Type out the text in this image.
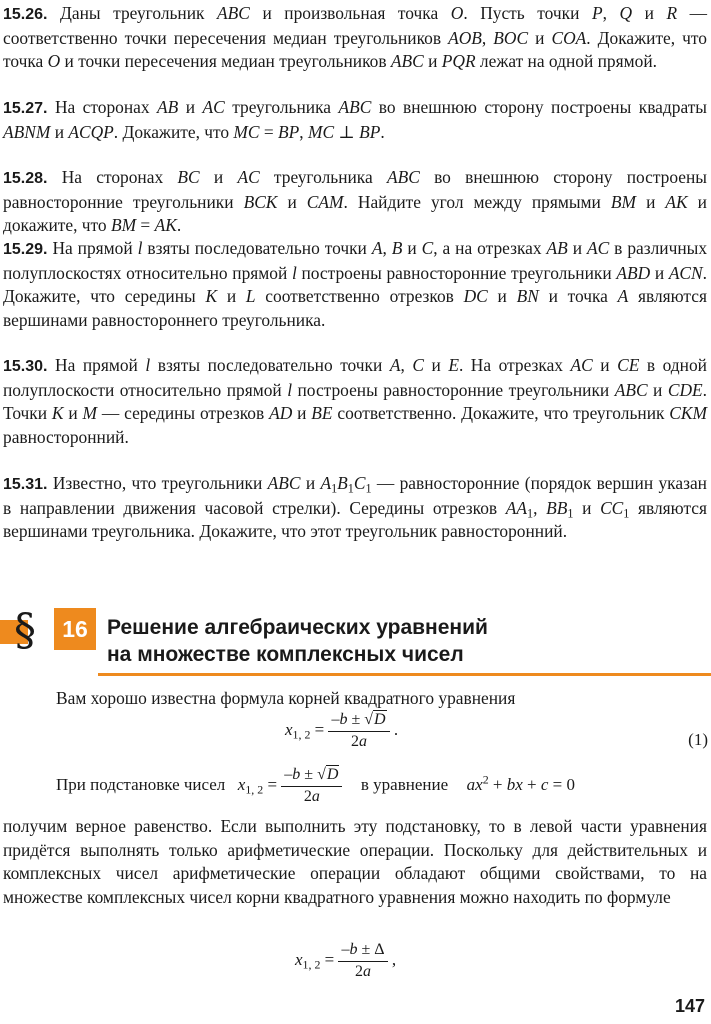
15.26. Даны треугольник ABC и произвольная точка O. Пусть точки P, Q и R — соответственно точки пересечения медиан треугольников AOB, BOC и COA. Докажите, что точка O и точки пересечения медиан треугольников ABC и PQR лежат на одной прямой.
15.27. На сторонах AB и AC треугольника ABC во внешнюю сторону построены квадраты ABNM и ACQP. Докажите, что MC = BP, MC ⊥ BP.
15.28. На сторонах BC и AC треугольника ABC во внешнюю сторону построены равносторонние треугольники BCK и CAM. Найдите угол между прямыми BM и AK и докажите, что BM = AK.
15.29. На прямой l взяты последовательно точки A, B и C, а на отрезках AB и AC в различных полуплоскостях относительно прямой l построены равносторонние треугольники ABD и ACN. Докажите, что середины K и L соответственно отрезков DC и BN и точка A являются вершинами равностороннего треугольника.
15.30. На прямой l взяты последовательно точки A, C и E. На отрезках AC и CE в одной полуплоскости относительно прямой l построены равносторонние треугольники ABC и CDE. Точки K и M — середины отрезков AD и BE соответственно. Докажите, что треугольник CKM равносторонний.
15.31. Известно, что треугольники ABC и $A_1B_1C_1$ — равносторонние (порядок вершин указан в направлении движения часовой стрелки). Середины отрезков $AA_1$, $BB_1$ и $CC_1$ являются вершинами треугольника. Докажите, что этот треугольник равносторонний.
§	16 Решение алгебраических уравнений
на множестве комплексных чисел
Вам хорошо известна формула корней квадратного уравнения
$x_{1, 2} = \frac{-b \pm √D}{2a}$ .
(1)
При подстановке чисел $x_{1, 2} = \frac{-b \pm √D}{2a}$ в уравнение $ax^2$ + bx + c = 0
получим верное равенство. Если выполнить эту подстановку, то в левой части уравнения придётся выполнять только арифметические операции. Поскольку для действительных и комплексных чисел арифметические операции обладают общими свойствами, то на множестве комплексных чисел корни квадратного уравнения можно находить по формуле
$x_{1, 2} = \frac{-b \pm \Delta}{2a}$ ,
147
